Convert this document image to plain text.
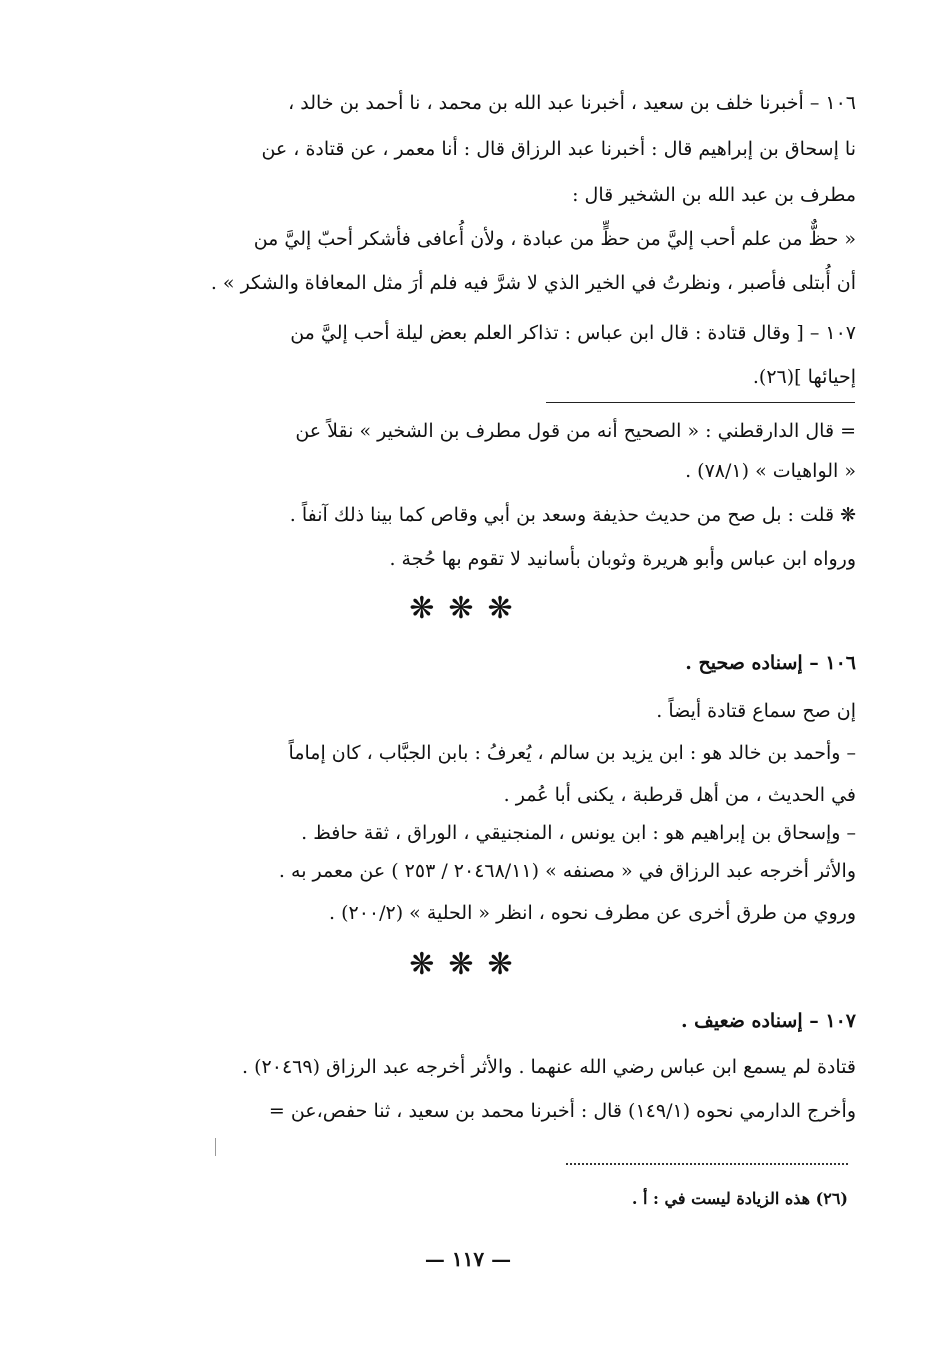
١٠٦ – أخبرنا خلف بن سعيد ، أخبرنا عبد الله بن محمد ، نا أحمد بن خالد ،
نا إسحاق بن إبراهيم قال : أخبرنا عبد الرزاق قال : أنا معمر ، عن قتادة ، عن
مطرف بن عبد الله بن الشخير قال :
« حظٌّ من علم أحب إليَّ من حظٍّ من عبادة ، ولأن أُعافى فأشكر أحبّ إليَّ من
أن أُبتلى فأصبر ، ونظرتُ في الخير الذي لا شرَّ فيه فلم أرَ مثل المعافاة والشكر » .
١٠٧ – [ وقال قتادة : قال ابن عباس : تذاكر العلم بعض ليلة أحب إليَّ من
إحيائها ](٢٦).
= قال الدارقطني : « الصحيح أنه من قول مطرف بن الشخير » نقلاً عن
« الواهيات » (٧٨/١) .
❋ قلت : بل صح من حديث حذيفة وسعد بن أبي وقاص كما بينا ذلك آنفاً .
ورواه ابن عباس وأبو هريرة وثوبان بأسانيد لا تقوم بها حُجة .
❋❋❋
١٠٦ – إسناده صحيح .
إن صح سماع قتادة أيضاً .
– وأحمد بن خالد هو : ابن يزيد بن سالم ، يُعرفُ : بابن الجبَّاب ، كان إماماً
في الحديث ، من أهل قرطبة ، يكنى أبا عُمر .
– وإسحاق بن إبراهيم هو : ابن يونس ، المنجنيقي ، الوراق ، ثقة حافظ .
والأثر أخرجه عبد الرزاق في « مصنفه » (٢٠٤٦٨/١١ / ٢٥٣ ) عن معمر به .
وروي من طرق أخرى عن مطرف نحوه ، انظر « الحلية » (٢٠٠/٢) .
❋❋❋
١٠٧ – إسناده ضعيف .
قتادة لم يسمع ابن عباس رضي الله عنهما . والأثر أخرجه عبد الرزاق (٢٠٤٦٩) .
وأخرج الدارمي نحوه (١٤٩/١) قال : أخبرنا محمد بن سعيد ، ثنا حفص،عن =
(٢٦) هذه الزيادة ليست في : أ .
— ١١٧ —
